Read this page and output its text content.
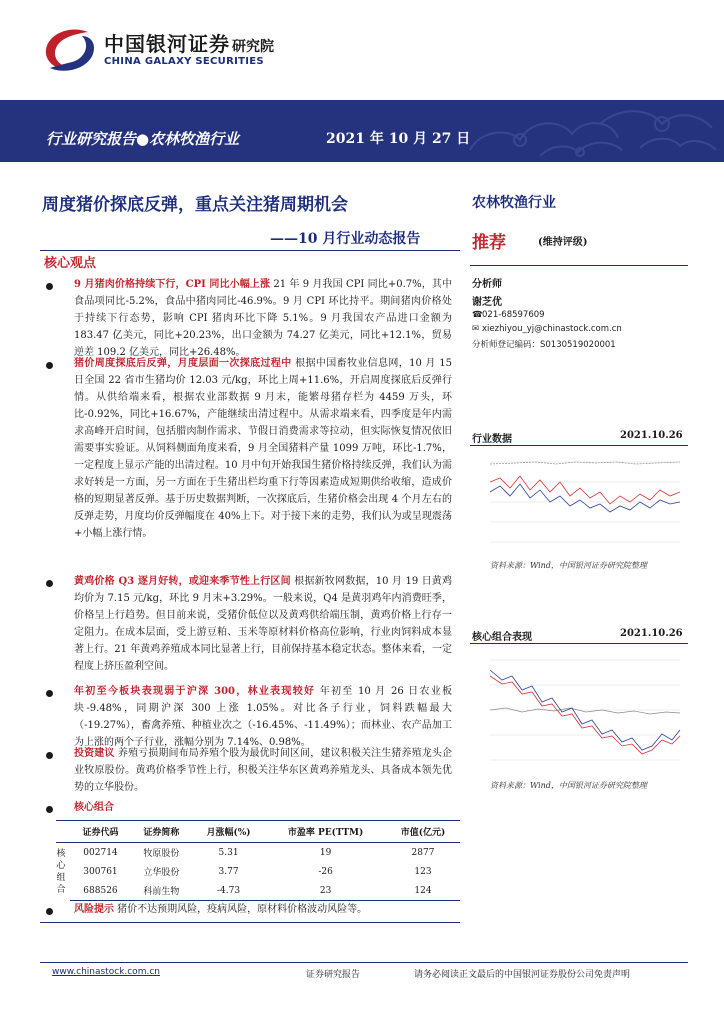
中国银河证券 研究院
CHINA GALAXY SECURITIES
行业研究报告●农林牧渔行业	2021 年 10 月 27 日
周度猪价探底反弹，重点关注猪周期机会
——10 月行业动态报告
核心观点
农林牧渔行业
推荐	(维持评级)
分析师
谢芝优
☎021-68597609
✉ xiezhiyou_yj@chinastock.com.cn
分析师登记编码：S0130519020001
行业数据	2021.10.26
资料来源：Wind，中国银河证券研究院整理
核心组合表现	2021.10.26
资料来源：Wind，中国银河证券研究院整理
9 月猪肉价格持续下行，CPI 同比小幅上涨 21 年 9 月我国 CPI 同比+0.7%，其中食品项同比-5.2%，食品中猪肉同比-46.9%。9 月 CPI 环比持平。期间猪肉价格处于持续下行态势，影响 CPI 猪肉环比下降 5.1%。9 月我国农产品进口金额为 183.47 亿美元，同比+20.23%，出口金额为 74.27 亿美元，同比+12.1%，贸易逆差 109.2 亿美元，同比+26.48%。
猪价周度探底后反弹，月度层面一次探底过程中 根据中国畜牧业信息网，10 月 15 日全国 22 省市生猪均价 12.03 元/kg，环比上周+11.6%，开启周度探底后反弹行情。从供给端来看，根据农业部数据 9 月末，能繁母猪存栏为 4459 万头，环比-0.92%，同比+16.67%，产能继续出清过程中。从需求端来看，四季度是年内需求高峰开启时间，包括腊肉制作需求、节假日消费需求等拉动，但实际恢复情况依旧需要事实验证。从饲料侧面角度来看，9 月全国猪料产量 1099 万吨，环比-1.7%，一定程度上显示产能的出清过程。10 月中旬开始我国生猪价格持续反弹，我们认为需求好转是一方面，另一方面在于生猪出栏均重下行等因素造成短期供给收缩，造成价格的短期显著反弹。基于历史数据判断，一次探底后，生猪价格会出现 4 个月左右的反弹走势，月度均价反弹幅度在 40%上下。对于接下来的走势，我们认为或呈现震荡+小幅上涨行情。
黄鸡价格 Q3 逐月好转，或迎来季节性上行区间 根据新牧网数据，10 月 19 日黄鸡均价为 7.15 元/kg，环比 9 月末+3.29%。一般来说，Q4 是黄羽鸡年内消费旺季，价格呈上行趋势。但目前来说，受猪价低位以及黄鸡供给端压制，黄鸡价格上行存一定阻力。在成本层面，受上游豆粕、玉米等原材料价格高位影响，行业肉饲料成本显著上行。21 年黄鸡养殖成本同比显著上行，目前保持基本稳定状态。整体来看，一定程度上挤压盈利空间。
年初至今板块表现弱于沪深 300，林业表现较好 年初至 10 月 26 日农业板块-9.48%，同期沪深 300 上涨 1.05%。对比各子行业，饲料跌幅最大（-19.27%），畜禽养殖、种植业次之（-16.45%、-11.49%）；而林业、农产品加工为上涨的两个子行业，涨幅分别为 7.14%、0.98%。
投资建议 养殖亏损期间布局养殖个股为最优时间区间，建议积极关注生猪养殖龙头企业牧原股份。黄鸡价格季节性上行，积极关注华东区黄鸡养殖龙头、具备成本领先优势的立华股份。
核心组合
	证券代码	证券简称	月涨幅(%)	市盈率 PE(TTM)	市值(亿元)
	002714	牧原股份	5.31	19	2877
	300761	立华股份	3.77	-26	123
	688526	科前生物	-4.73	23	124
核心组合
风险提示 猪价不达预期风险，疫病风险，原材料价格波动风险等。
www.chinastock.com.cn	证券研究报告	请务必阅读正文最后的中国银河证券股份公司免责声明
